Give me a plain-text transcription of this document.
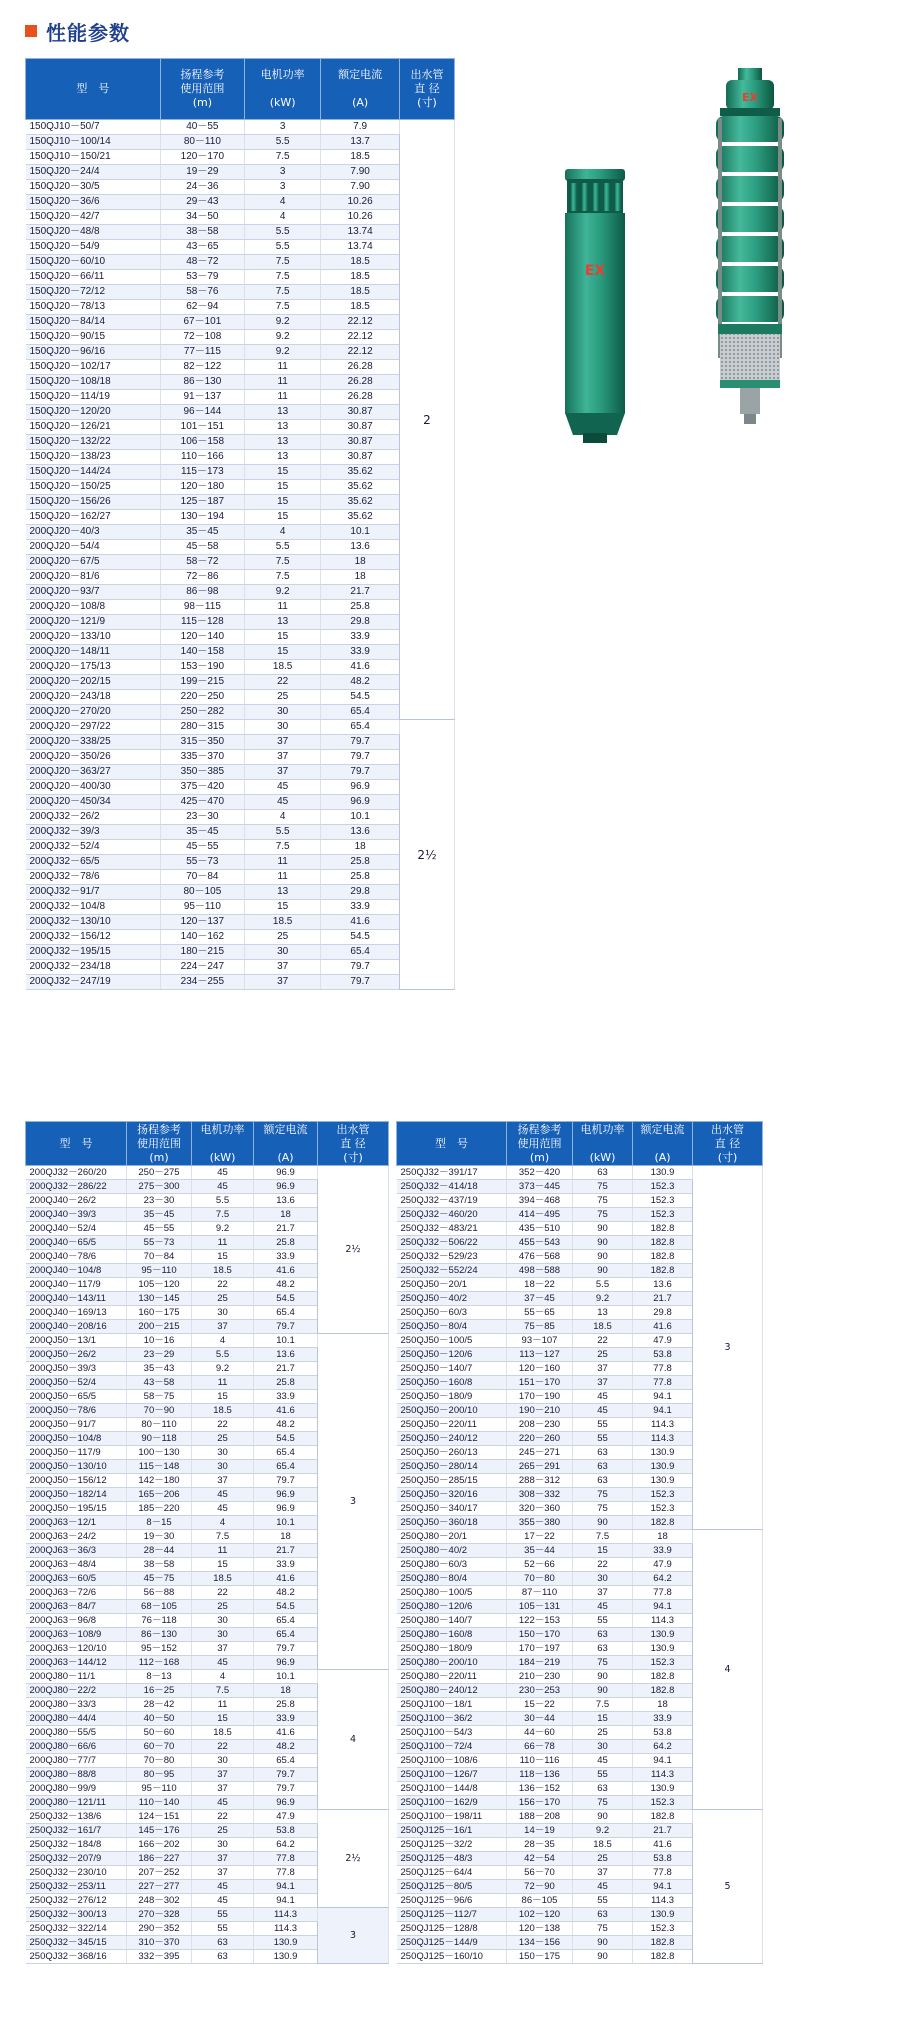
性能参数
型　号	扬程参考
使用范围
(m)	电机功率

(kW)	额定电流

(A)	出水管
直 径
(寸)
150QJ10－50/7	40－55	3	7.9	2
150QJ10－100/14	80－110	5.5	13.7	
150QJ10－150/21	120－170	7.5	18.5	
150QJ20－24/4	19－29	3	7.90	
150QJ20－30/5	24－36	3	7.90	
150QJ20－36/6	29－43	4	10.26	
150QJ20－42/7	34－50	4	10.26	
150QJ20－48/8	38－58	5.5	13.74	
150QJ20－54/9	43－65	5.5	13.74	
150QJ20－60/10	48－72	7.5	18.5	
150QJ20－66/11	53－79	7.5	18.5	
150QJ20－72/12	58－76	7.5	18.5	
150QJ20－78/13	62－94	7.5	18.5	
150QJ20－84/14	67－101	9.2	22.12	
150QJ20－90/15	72－108	9.2	22.12	
150QJ20－96/16	77－115	9.2	22.12	
150QJ20－102/17	82－122	11	26.28	
150QJ20－108/18	86－130	11	26.28	
150QJ20－114/19	91－137	11	26.28	
150QJ20－120/20	96－144	13	30.87	
150QJ20－126/21	101－151	13	30.87	
150QJ20－132/22	106－158	13	30.87	
150QJ20－138/23	110－166	13	30.87	
150QJ20－144/24	115－173	15	35.62	
150QJ20－150/25	120－180	15	35.62	
150QJ20－156/26	125－187	15	35.62	
150QJ20－162/27	130－194	15	35.62	
200QJ20－40/3	35－45	4	10.1	
200QJ20－54/4	45－58	5.5	13.6	
200QJ20－67/5	58－72	7.5	18	
200QJ20－81/6	72－86	7.5	18	
200QJ20－93/7	86－98	9.2	21.7	
200QJ20－108/8	98－115	11	25.8	
200QJ20－121/9	115－128	13	29.8	
200QJ20－133/10	120－140	15	33.9	
200QJ20－148/11	140－158	15	33.9	
200QJ20－175/13	153－190	18.5	41.6	
200QJ20－202/15	199－215	22	48.2	
200QJ20－243/18	220－250	25	54.5	
200QJ20－270/20	250－282	30	65.4	
200QJ20－297/22	280－315	30	65.4	2½
200QJ20－338/25	315－350	37	79.7	
200QJ20－350/26	335－370	37	79.7	
200QJ20－363/27	350－385	37	79.7	
200QJ20－400/30	375－420	45	96.9	
200QJ20－450/34	425－470	45	96.9	
200QJ32－26/2	23－30	4	10.1	
200QJ32－39/3	35－45	5.5	13.6	
200QJ32－52/4	45－55	7.5	18	
200QJ32－65/5	55－73	11	25.8	
200QJ32－78/6	70－84	11	25.8	
200QJ32－91/7	80－105	13	29.8	
200QJ32－104/8	95－110	15	33.9	
200QJ32－130/10	120－137	18.5	41.6	
200QJ32－156/12	140－162	25	54.5	
200QJ32－195/15	180－215	30	65.4	
200QJ32－234/18	224－247	37	79.7	
200QJ32－247/19	234－255	37	79.7	
EX
EX
型　号	扬程参考
使用范围
(m)	电机功率

(kW)	额定电流

(A)	出水管
直 径
(寸)
200QJ32－260/20	250－275	45	96.9	2½
200QJ32－286/22	275－300	45	96.9	
200QJ40－26/2	23－30	5.5	13.6	
200QJ40－39/3	35－45	7.5	18	
200QJ40－52/4	45－55	9.2	21.7	
200QJ40－65/5	55－73	11	25.8	
200QJ40－78/6	70－84	15	33.9	
200QJ40－104/8	95－110	18.5	41.6	
200QJ40－117/9	105－120	22	48.2	
200QJ40－143/11	130－145	25	54.5	
200QJ40－169/13	160－175	30	65.4	
200QJ40－208/16	200－215	37	79.7	
200QJ50－13/1	10－16	4	10.1	3
200QJ50－26/2	23－29	5.5	13.6	
200QJ50－39/3	35－43	9.2	21.7	
200QJ50－52/4	43－58	11	25.8	
200QJ50－65/5	58－75	15	33.9	
200QJ50－78/6	70－90	18.5	41.6	
200QJ50－91/7	80－110	22	48.2	
200QJ50－104/8	90－118	25	54.5	
200QJ50－117/9	100－130	30	65.4	
200QJ50－130/10	115－148	30	65.4	
200QJ50－156/12	142－180	37	79.7	
200QJ50－182/14	165－206	45	96.9	
200QJ50－195/15	185－220	45	96.9	
200QJ63－12/1	8－15	4	10.1	
200QJ63－24/2	19－30	7.5	18	
200QJ63－36/3	28－44	11	21.7	
200QJ63－48/4	38－58	15	33.9	
200QJ63－60/5	45－75	18.5	41.6	
200QJ63－72/6	56－88	22	48.2	
200QJ63－84/7	68－105	25	54.5	
200QJ63－96/8	76－118	30	65.4	
200QJ63－108/9	86－130	30	65.4	
200QJ63－120/10	95－152	37	79.7	
200QJ63－144/12	112－168	45	96.9	
200QJ80－11/1	8－13	4	10.1	4
200QJ80－22/2	16－25	7.5	18	
200QJ80－33/3	28－42	11	25.8	
200QJ80－44/4	40－50	15	33.9	
200QJ80－55/5	50－60	18.5	41.6	
200QJ80－66/6	60－70	22	48.2	
200QJ80－77/7	70－80	30	65.4	
200QJ80－88/8	80－95	37	79.7	
200QJ80－99/9	95－110	37	79.7	
200QJ80－121/11	110－140	45	96.9	
250QJ32－138/6	124－151	22	47.9	2½
250QJ32－161/7	145－176	25	53.8	
250QJ32－184/8	166－202	30	64.2	
250QJ32－207/9	186－227	37	77.8	
250QJ32－230/10	207－252	37	77.8	
250QJ32－253/11	227－277	45	94.1	
250QJ32－276/12	248－302	45	94.1	
250QJ32－300/13	270－328	55	114.3	3
250QJ32－322/14	290－352	55	114.3	
250QJ32－345/15	310－370	63	130.9	
250QJ32－368/16	332－395	63	130.9	
型　号	扬程参考
使用范围
(m)	电机功率

(kW)	额定电流

(A)	出水管
直 径
(寸)
250QJ32－391/17	352－420	63	130.9	3
250QJ32－414/18	373－445	75	152.3	
250QJ32－437/19	394－468	75	152.3	
250QJ32－460/20	414－495	75	152.3	
250QJ32－483/21	435－510	90	182.8	
250QJ32－506/22	455－543	90	182.8	
250QJ32－529/23	476－568	90	182.8	
250QJ32－552/24	498－588	90	182.8	
250QJ50－20/1	18－22	5.5	13.6	
250QJ50－40/2	37－45	9.2	21.7	
250QJ50－60/3	55－65	13	29.8	
250QJ50－80/4	75－85	18.5	41.6	
250QJ50－100/5	93－107	22	47.9	
250QJ50－120/6	113－127	25	53.8	
250QJ50－140/7	120－160	37	77.8	
250QJ50－160/8	151－170	37	77.8	
250QJ50－180/9	170－190	45	94.1	
250QJ50－200/10	190－210	45	94.1	
250QJ50－220/11	208－230	55	114.3	
250QJ50－240/12	220－260	55	114.3	
250QJ50－260/13	245－271	63	130.9	
250QJ50－280/14	265－291	63	130.9	
250QJ50－285/15	288－312	63	130.9	
250QJ50－320/16	308－332	75	152.3	
250QJ50－340/17	320－360	75	152.3	
250QJ50－360/18	355－380	90	182.8	
250QJ80－20/1	17－22	7.5	18	4
250QJ80－40/2	35－44	15	33.9	
250QJ80－60/3	52－66	22	47.9	
250QJ80－80/4	70－80	30	64.2	
250QJ80－100/5	87－110	37	77.8	
250QJ80－120/6	105－131	45	94.1	
250QJ80－140/7	122－153	55	114.3	
250QJ80－160/8	150－170	63	130.9	
250QJ80－180/9	170－197	63	130.9	
250QJ80－200/10	184－219	75	152.3	
250QJ80－220/11	210－230	90	182.8	
250QJ80－240/12	230－253	90	182.8	
250QJ100－18/1	15－22	7.5	18	
250QJ100－36/2	30－44	15	33.9	
250QJ100－54/3	44－60	25	53.8	
250QJ100－72/4	66－78	30	64.2	
250QJ100－108/6	110－116	45	94.1	
250QJ100－126/7	118－136	55	114.3	
250QJ100－144/8	136－152	63	130.9	
250QJ100－162/9	156－170	75	152.3	
250QJ100－198/11	188－208	90	182.8	5
250QJ125－16/1	14－19	9.2	21.7	
250QJ125－32/2	28－35	18.5	41.6	
250QJ125－48/3	42－54	25	53.8	
250QJ125－64/4	56－70	37	77.8	
250QJ125－80/5	72－90	45	94.1	
250QJ125－96/6	86－105	55	114.3	
250QJ125－112/7	102－120	63	130.9	
250QJ125－128/8	120－138	75	152.3	
250QJ125－144/9	134－156	90	182.8	
250QJ125－160/10	150－175	90	182.8	
